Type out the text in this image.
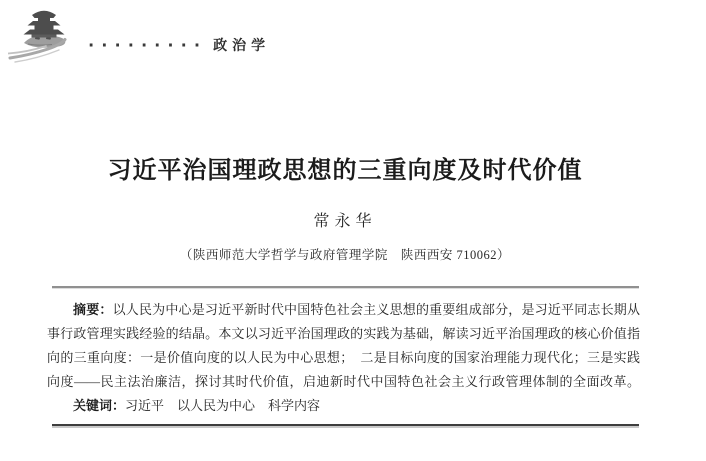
········· 政治学
习近平治国理政思想的三重向度及时代价值
常永华
（陕西师范大学哲学与政府管理学院　陕西西安 710062）
摘要：以人民为中心是习近平新时代中国特色社会主义思想的重要组成部分，是习近平同志长期从
事行政管理实践经验的结晶。本文以习近平治国理政的实践为基础，解读习近平治国理政的核心价值指
向的三重向度：一是价值向度的以人民为中心思想；　二是目标向度的国家治理能力现代化；三是实践
向度——民主法治廉洁，探讨其时代价值，启迪新时代中国特色社会主义行政管理体制的全面改革。
关键词：习近平　以人民为中心　科学内容
